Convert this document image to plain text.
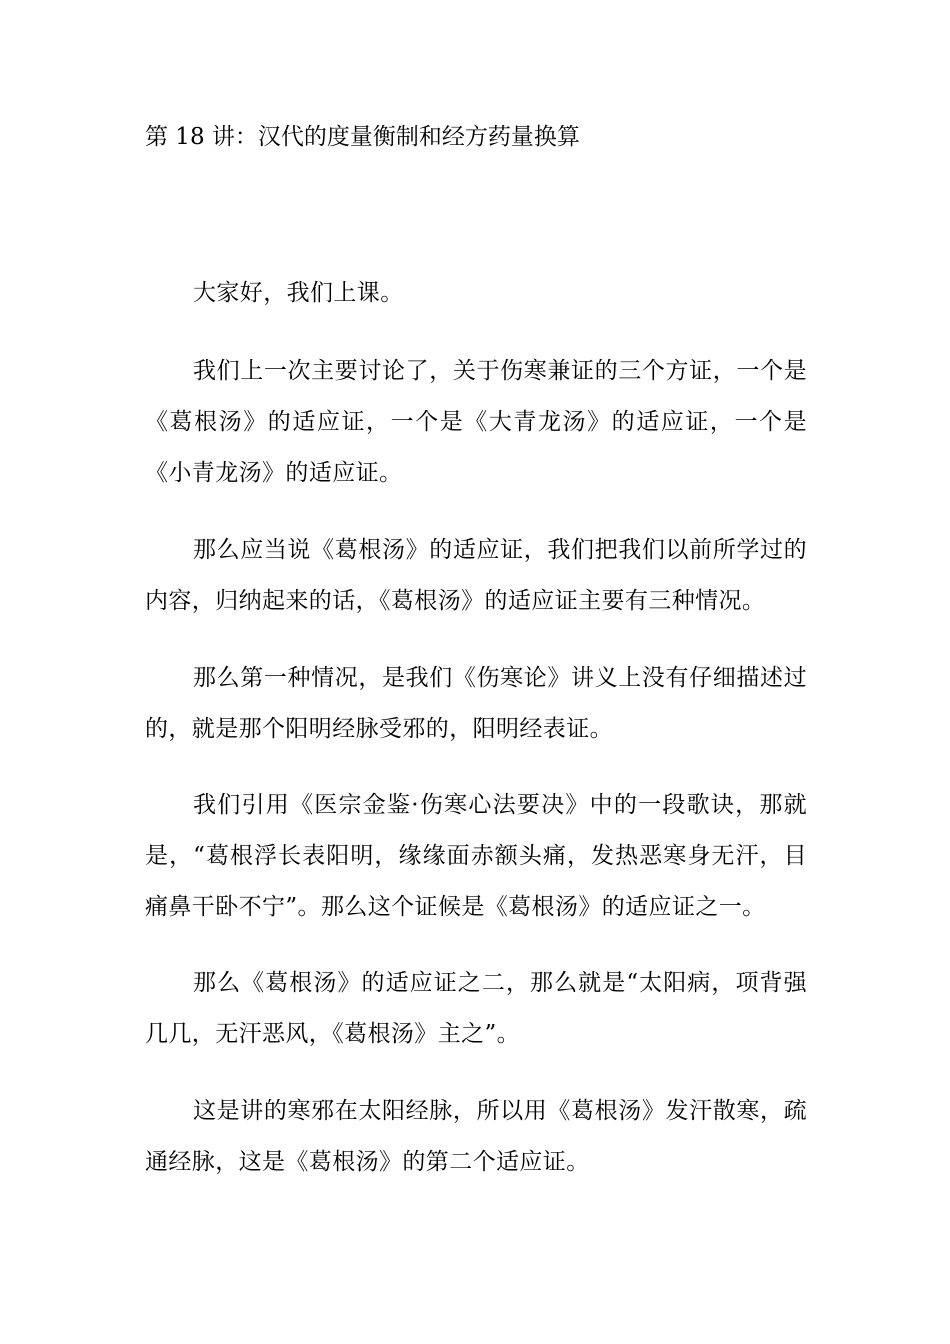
第 18 讲：汉代的度量衡制和经方药量换算

大家好，我们上课。

我们上一次主要讨论了，关于伤寒兼证的三个方证，一个是《葛根汤》的适应证，一个是《大青龙汤》的适应证，一个是《小青龙汤》的适应证。

那么应当说《葛根汤》的适应证，我们把我们以前所学过的内容，归纳起来的话，《葛根汤》的适应证主要有三种情况。

那么第一种情况，是我们《伤寒论》讲义上没有仔细描述过的，就是那个阳明经脉受邪的，阳明经表证。

我们引用《医宗金鉴·伤寒心法要决》中的一段歌诀，那就是，“葛根浮长表阳明，缘缘面赤额头痛，发热恶寒身无汗，目痛鼻干卧不宁”。那么这个证候是《葛根汤》的适应证之一。

那么《葛根汤》的适应证之二，那么就是“太阳病，项背强几几，无汗恶风，《葛根汤》主之”。

这是讲的寒邪在太阳经脉，所以用《葛根汤》发汗散寒，疏通经脉，这是《葛根汤》的第二个适应证。
